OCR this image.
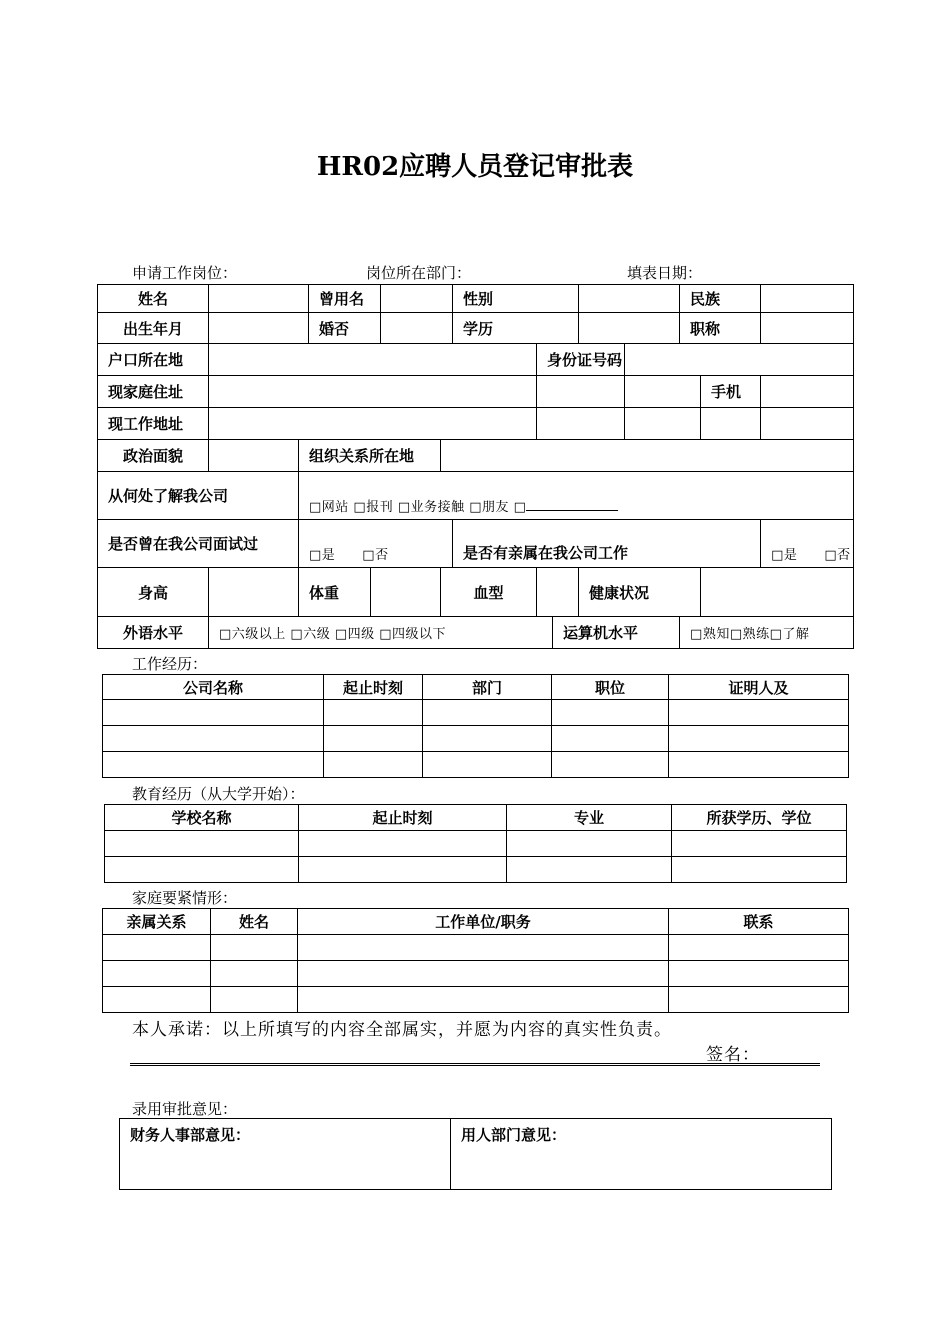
HR02应聘人员登记审批表
申请工作岗位：	岗位所在部门：	填表日期：
姓名			曾用名				性别					民族		
出生年月			婚否				学历					职称		
户口所在地								身份证号码						
现家庭住址													手机	
现工作地址														
政治面貌		组织关系所在地												
从何处了解我公司		□网站 □报刊 □业务接触 □朋友 □												
是否曾在我公司面试过		□是　　□否					是否有亲属在我公司工作							□是　　□否
身高		体重				血型				健康状况				
外语水平	□六级以上 □六级 □四级 □四级以下								运算机水平			□熟知□熟练□了解		
工作经历：
公司名称	起止时刻	部门	职位	证明人及

教育经历（从大学开始）：
学校名称	起止时刻	专业	所获学历、学位

家庭要紧情形：
亲属关系	姓名	工作单位/职务	联系

本人承诺：以上所填写的内容全部属实，并愿为内容的真实性负责。
签名：
录用审批意见：
财务人事部意见：	用人部门意见：
